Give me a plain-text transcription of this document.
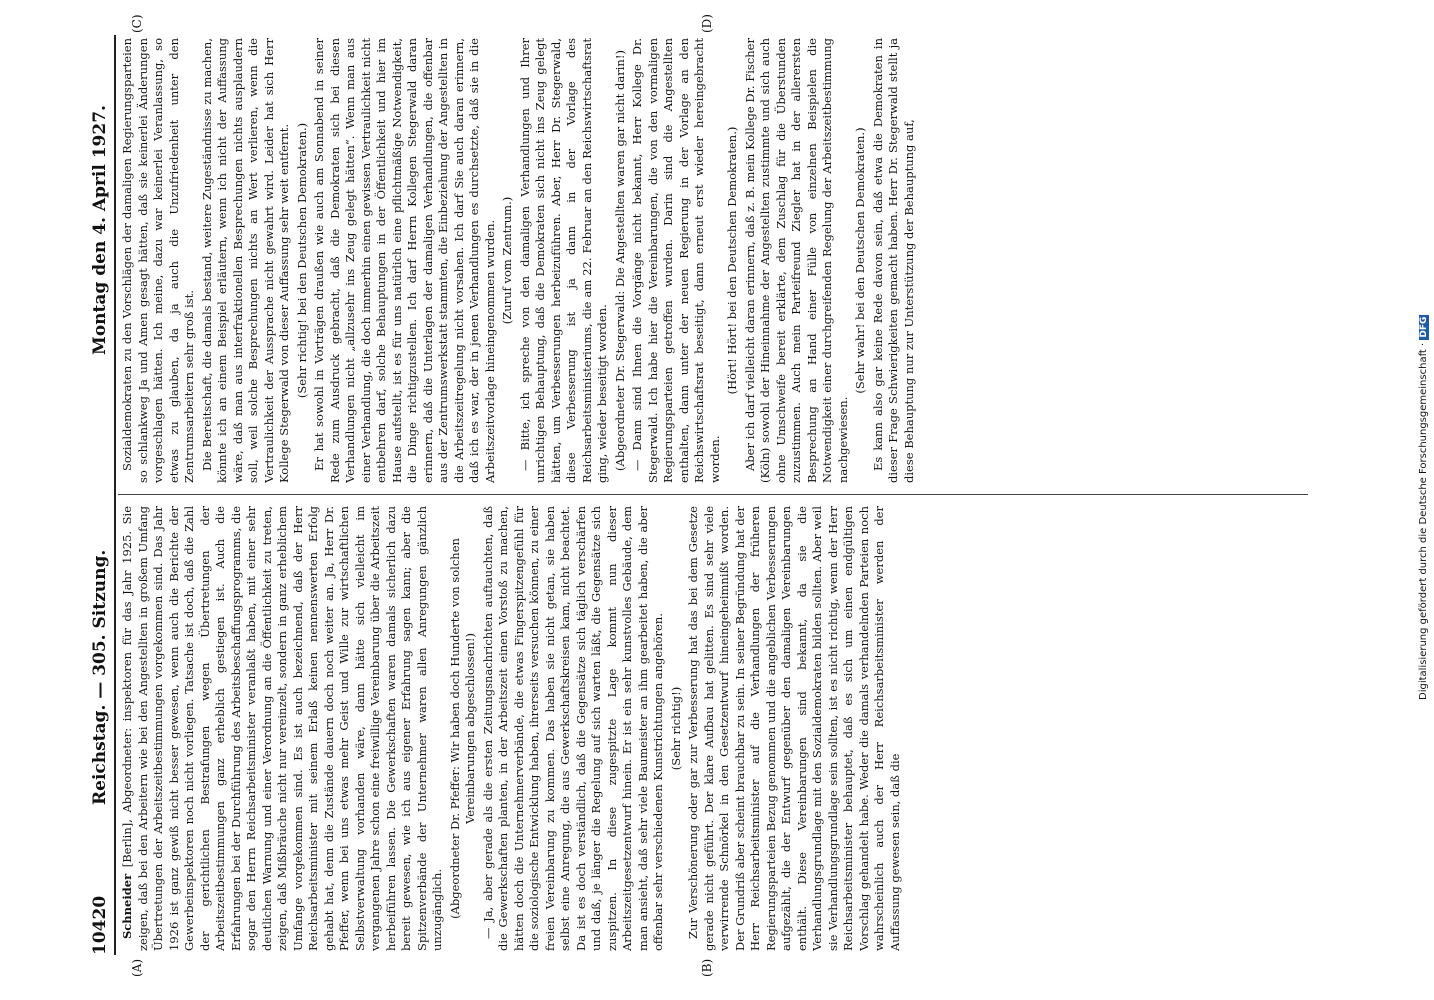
10420
Reichstag. — 305. Sitzung.
Montag den 4. April 1927.
(A)	(B)
(C)	(D)

Schneider [Berlin], Abgeordneter: inspektoren für das Jahr 1925. Sie zeigen, daß bei den Arbeitern wie bei den Angestellten in großem Umfang Übertretungen der Arbeitszeitbestimmungen vorgekommen sind. Das Jahr 1926 ist ganz gewiß nicht besser gewesen, wenn auch die Berichte der Gewerbeinspektoren noch nicht vorliegen. Tatsache ist doch, daß die Zahl der gerichtlichen Bestrafungen wegen Übertretungen der Arbeitszeitbestimmungen ganz erheblich gestiegen ist. Auch die Erfahrungen bei der Durchführung des Arbeitsbeschaffungsprogramms, die sogar den Herrn Reichsarbeitsminister veranlaßt haben, mit einer sehr deutlichen Warnung und einer Verordnung an die Öffentlichkeit zu treten, zeigen, daß Mißbräuche nicht nur vereinzelt, sondern in ganz erheblichem Umfange vorgekommen sind. Es ist auch bezeichnend, daß der Herr Reichsarbeitsminister mit seinem Erlaß keinen nennenswerten Erfolg gehabt hat, denn die Zustände dauern doch noch weiter an. Ja, Herr Dr. Pfeffer, wenn bei uns etwas mehr Geist und Wille zur wirtschaftlichen Selbstverwaltung vorhanden wäre, dann hätte sich vielleicht im vergangenen Jahre schon eine freiwillige Vereinbarung über die Arbeitszeit herbeiführen lassen. Die Gewerkschaften waren damals sicherlich dazu bereit gewesen, wie ich aus eigener Erfahrung sagen kann; aber die Spitzenverbände der Unternehmer waren allen Anregungen gänzlich unzugänglich. (Abgeordneter Dr. Pfeffer: Wir haben doch Hunderte von solchen Vereinbarungen abgeschlossen!) — Ja, aber gerade als die ersten Zeitungsnachrichten auftauchten, daß die Gewerkschaften planten, in der Arbeitszeit einen Vorstoß zu machen, hätten doch die Unternehmerverbände, die etwas Fingerspitzengefühl für die soziologische Entwicklung haben, ihrerseits versuchen können, zu einer freien Vereinbarung zu kommen. Das haben sie nicht getan, sie haben selbst eine Anregung, die aus Gewerkschaftskreisen kam, nicht beachtet. Da ist es doch verständlich, daß die Gegensätze sich täglich verschärfen und daß, je länger die Regelung auf sich warten läßt, die Gegensätze sich zuspitzen. In diese zugespitzte Lage kommt nun dieser Arbeitszeitgesetzentwurf hinein. Er ist ein sehr kunstvolles Gebäude, dem man ansieht, daß sehr viele Baumeister an ihm gearbeitet haben, die aber offenbar sehr verschiedenen Kunstrichtungen angehören. (Sehr richtig!) Zur Verschönerung oder gar zur Verbesserung hat das bei dem Gesetze gerade nicht geführt. Der klare Aufbau hat gelitten. Es sind sehr viele verwirrende Schnörkel in den Gesetzentwurf hineingeheimnißt worden. Der Grundriß aber scheint brauchbar zu sein. In seiner Begründung hat der Herr Reichsarbeitsminister auf die Verhandlungen der früheren Regierungsparteien Bezug genommen und die angeblichen Verbesserungen aufgezählt, die der Entwurf gegenüber den damaligen Vereinbarungen enthält. Diese Vereinbarungen sind bekannt, da sie die Verhandlungsgrundlage mit den Sozialdemokraten bilden sollten. Aber weil sie Verhandlungsgrundlage sein sollten, ist es nicht richtig, wenn der Herr Reichsarbeitsminister behauptet, daß es sich um einen endgültigen Vorschlag gehandelt habe. Weder die damals verhandelnden Parteien noch wahrscheinlich auch der Herr Reichsarbeitsminister werden der Auffassung gewesen sein, daß die

Sozialdemokraten zu den Vorschlägen der damaligen Regierungsparteien so schlankweg Ja und Amen gesagt hätten, daß sie keinerlei Änderungen vorgeschlagen hätten. Ich meine, dazu war keinerlei Veranlassung, so etwas zu glauben, da ja auch die Unzufriedenheit unter den Zentrumsarbeitern sehr groß ist. Die Bereitschaft, die damals bestand, weitere Zugeständnisse zu machen, könnte ich an einem Beispiel erläutern, wenn ich nicht der Auffassung wäre, daß man aus interfraktionellen Besprechungen nichts ausplaudern soll, weil solche Besprechungen nichts an Wert verlieren, wenn die Vertraulichkeit der Aussprache nicht gewahrt wird. Leider hat sich Herr Kollege Stegerwald von dieser Auffassung sehr weit entfernt. (Sehr richtig! bei den Deutschen Demokraten.) Er hat sowohl in Vorträgen draußen wie auch am Sonnabend in seiner Rede zum Ausdruck gebracht, daß die Demokraten sich bei diesen Verhandlungen nicht „allzusehr ins Zeug gelegt hätten“. Wenn man aus einer Verhandlung, die doch immerhin einen gewissen Vertraulichkeit nicht entbehren darf, solche Behauptungen in der Öffentlichkeit und hier im Hause aufstellt, ist es für uns natürlich eine pflichtmäßige Notwendigkeit, die Dinge richtigzustellen. Ich darf Herrn Kollegen Stegerwald daran erinnern, daß die Unterlagen der damaligen Verhandlungen, die offenbar aus der Zentrumswerkstatt stammten, die Einbeziehung der Angestellten in die Arbeitszeitregelung nicht vorsahen. Ich darf Sie auch daran erinnern, daß ich es war, der in jenen Verhandlungen es durchsetzte, daß sie in die Arbeitszeitvorlage hineingenommen wurden. (Zuruf vom Zentrum.) — Bitte, ich spreche von den damaligen Verhandlungen und Ihrer unrichtigen Behauptung, daß die Demokraten sich nicht ins Zeug gelegt hätten, um Verbesserungen herbeizuführen. Aber, Herr Dr. Stegerwald, diese Verbesserung ist ja dann in der Vorlage des Reichsarbeitsministeriums, die am 22. Februar an den Reichswirtschaftsrat ging, wieder beseitigt worden. (Abgeordneter Dr. Stegerwald: Die Angestellten waren gar nicht darin!) — Dann sind Ihnen die Vorgänge nicht bekannt, Herr Kollege Dr. Stegerwald. Ich habe hier die Vereinbarungen, die von den vormaligen Regierungsparteien getroffen wurden. Darin sind die Angestellten enthalten, dann unter der neuen Regierung in der Vorlage an den Reichswirtschaftsrat beseitigt, dann erneut erst wieder hereingebracht worden.

(Hört! Hört! bei den Deutschen Demokraten.) Aber ich darf vielleicht daran erinnern, daß z. B. mein Kollege Dr. Fischer (Köln) sowohl der Hineinnahme der Angestellten zustimmte und sich auch ohne Umschweife bereit erklärte, dem Zuschlag für die Überstunden zuzustimmen. Auch mein Parteifreund Ziegler hat in der allerersten Besprechung an Hand einer Fülle von einzelnen Beispielen die Notwendigkeit einer durchgreifenden Regelung der Arbeitszeitbestimmung nachgewiesen.

(Sehr wahr! bei den Deutschen Demokraten.) Es kann also gar keine Rede davon sein, daß etwa die Demokraten in dieser Frage Schwierigkeiten gemacht haben. Herr Dr. Stegerwald stellt ja diese Behauptung nur zur Unterstützung der Behauptung auf,

Digitalisierung gefördert durch die Deutsche Forschungsgemeinschaft · DFG
